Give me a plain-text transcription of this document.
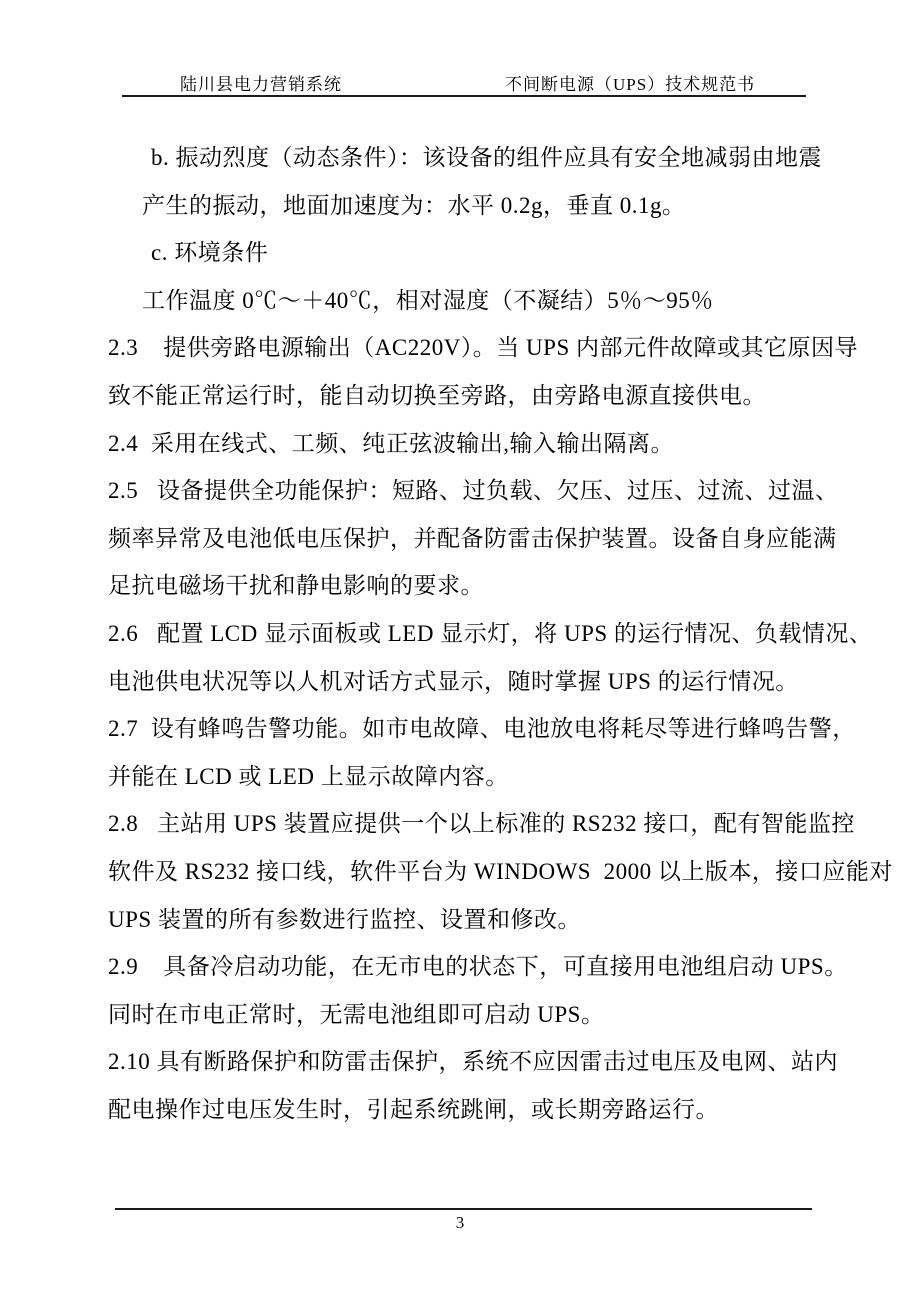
陆川县电力营销系统	不间断电源（UPS）技术规范书
b. 振动烈度（动态条件）：该设备的组件应具有安全地减弱由地震
产生的振动，地面加速度为：水平 0.2g，垂直 0.1g。
c. 环境条件
工作温度 0℃～＋40℃，相对湿度（不凝结）5％～95％
2.3    提供旁路电源输出（AC220V）。当 UPS 内部元件故障或其它原因导
致不能正常运行时，能自动切换至旁路，由旁路电源直接供电。
2.4  采用在线式、工频、纯正弦波输出,输入输出隔离。
2.5   设备提供全功能保护：短路、过负载、欠压、过压、过流、过温、
频率异常及电池低电压保护，并配备防雷击保护装置。设备自身应能满
足抗电磁场干扰和静电影响的要求。
2.6   配置 LCD 显示面板或 LED 显示灯，将 UPS 的运行情况、负载情况、
电池供电状况等以人机对话方式显示，随时掌握 UPS 的运行情况。
2.7  设有蜂鸣告警功能。如市电故障、电池放电将耗尽等进行蜂鸣告警，
并能在 LCD 或 LED 上显示故障内容。
2.8   主站用 UPS 装置应提供一个以上标准的 RS232 接口，配有智能监控
软件及 RS232 接口线，软件平台为 WINDOWS  2000 以上版本，接口应能对
UPS 装置的所有参数进行监控、设置和修改。
2.9    具备冷启动功能，在无市电的状态下，可直接用电池组启动 UPS。
同时在市电正常时，无需电池组即可启动 UPS。
2.10 具有断路保护和防雷击保护，系统不应因雷击过电压及电网、站内
配电操作过电压发生时，引起系统跳闸，或长期旁路运行。
3
